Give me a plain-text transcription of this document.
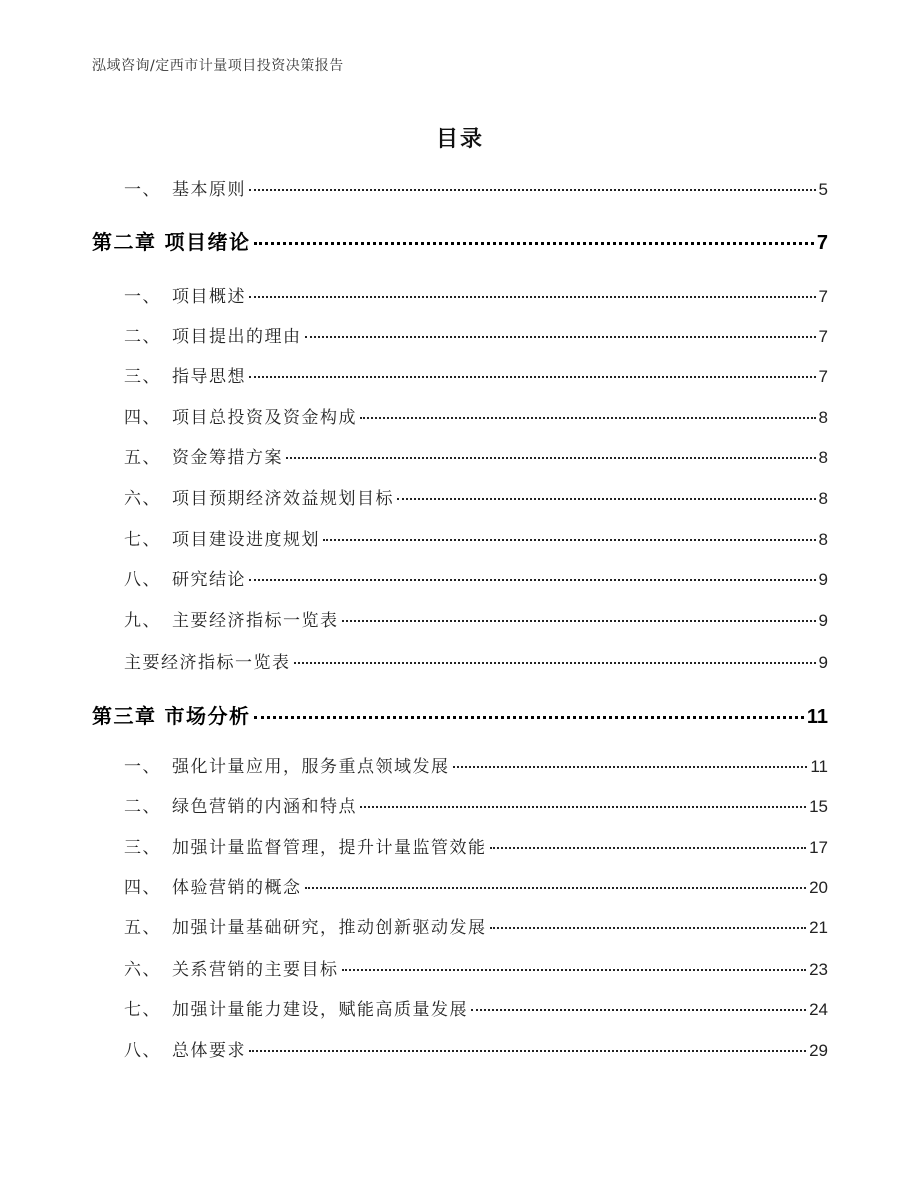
泓域咨询/定西市计量项目投资决策报告
目录
一、 基本原则	5
第二章 项目绪论	7
一、 项目概述	7
二、 项目提出的理由	7
三、 指导思想	7
四、 项目总投资及资金构成	8
五、 资金筹措方案	8
六、 项目预期经济效益规划目标	8
七、 项目建设进度规划	8
八、 研究结论	9
九、 主要经济指标一览表	9
主要经济指标一览表	9
第三章 市场分析	11
一、 强化计量应用，服务重点领域发展	11
二、 绿色营销的内涵和特点	15
三、 加强计量监督管理，提升计量监管效能	17
四、 体验营销的概念	20
五、 加强计量基础研究，推动创新驱动发展	21
六、 关系营销的主要目标	23
七、 加强计量能力建设，赋能高质量发展	24
八、 总体要求	29
